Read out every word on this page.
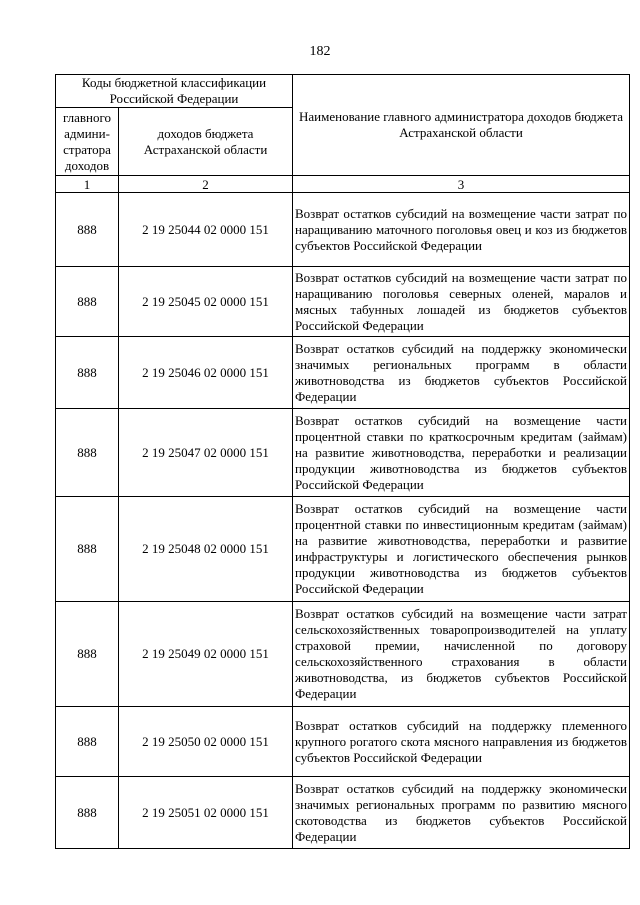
182
Коды бюджетной классификации Российской Федерации		Наименование главного администратора доходов бюджета Астраханской области
главного админи-стратора доходов	доходов бюджета Астраханской области	
1	2	3
888	2 19 25044 02 0000 151	Возврат остатков субсидий на возмещение части затрат по наращиванию маточного поголовья овец и коз из бюджетов субъектов Российской Федерации
888	2 19 25045 02 0000 151	Возврат остатков субсидий на возмещение части затрат по наращиванию поголовья северных оленей, маралов и мясных табунных лошадей из бюджетов субъектов Российской Федерации
888	2 19 25046 02 0000 151	Возврат остатков субсидий на поддержку экономически значимых региональных программ в области животноводства из бюджетов субъектов Российской Федерации
888	2 19 25047 02 0000 151	Возврат остатков субсидий на возмещение части процентной ставки по краткосрочным кредитам (займам) на развитие животноводства, переработки и реализации продукции животноводства из бюджетов субъектов Российской Федерации
888	2 19 25048 02 0000 151	Возврат остатков субсидий на возмещение части процентной ставки по инвестиционным кредитам (займам) на развитие животноводства, переработки и развитие инфраструктуры и логистического обеспечения рынков продукции животноводства из бюджетов субъектов Российской Федерации
888	2 19 25049 02 0000 151	Возврат остатков субсидий на возмещение части затрат сельскохозяйственных товаропроизводителей на уплату страховой премии, начисленной по договору сельскохозяйственного страхования в области животноводства, из бюджетов субъектов Российской Федерации
888	2 19 25050 02 0000 151	Возврат остатков субсидий на поддержку племенного крупного рогатого скота мясного направления из бюджетов субъектов Российской Федерации
888	2 19 25051 02 0000 151	Возврат остатков субсидий на поддержку экономически значимых региональных программ по развитию мясного скотоводства из бюджетов субъектов Российской Федерации
